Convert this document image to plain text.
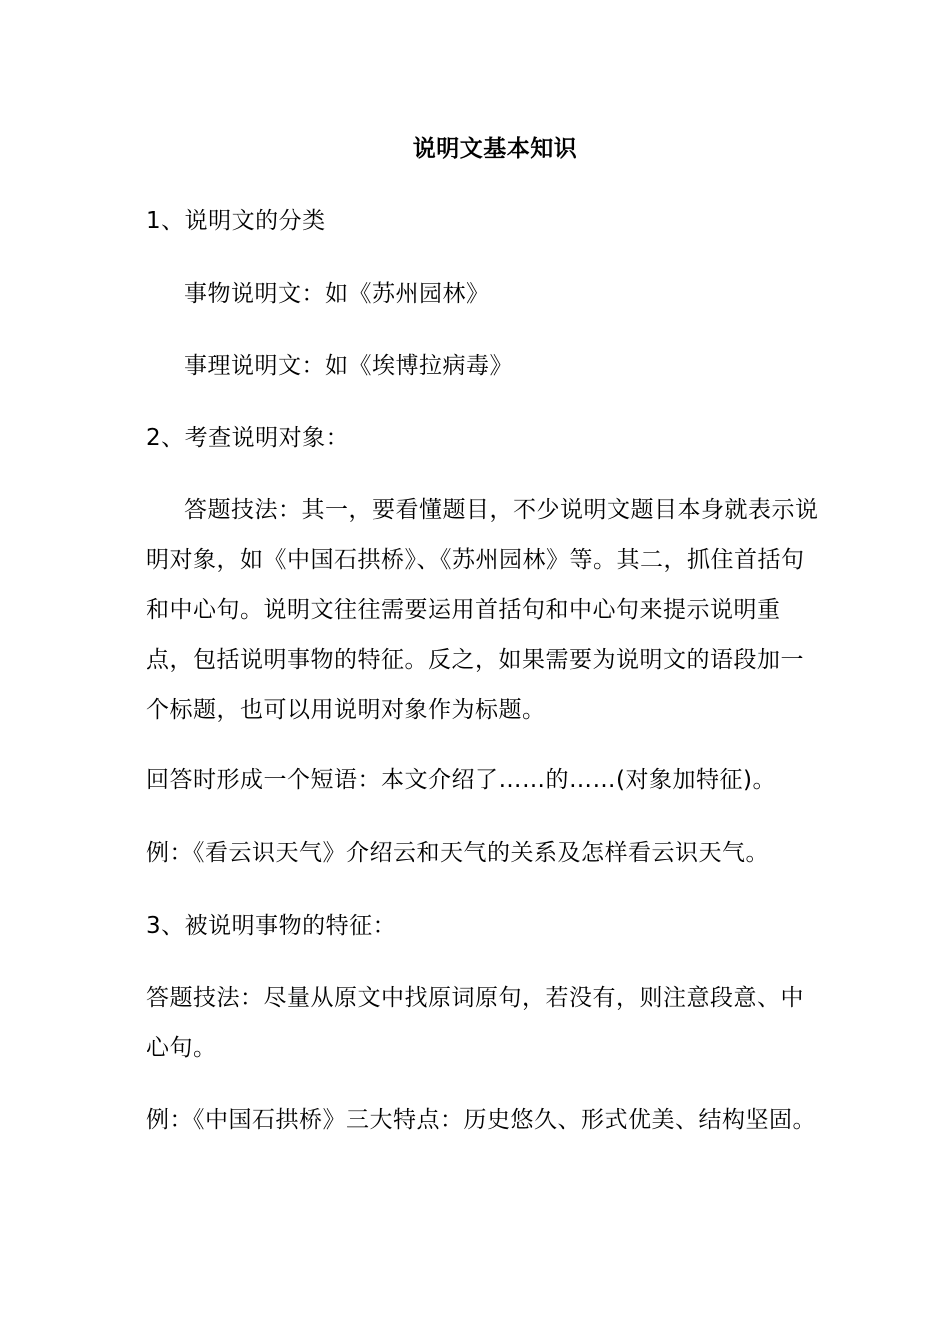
说明文基本知识
1、说明文的分类
事物说明文：如《苏州园林》
事理说明文：如《埃博拉病毒》
2、考查说明对象：
答题技法：其一，要看懂题目，不少说明文题目本身就表示说明对象，如《中国石拱桥》、《苏州园林》等。其二，抓住首括句和中心句。说明文往往需要运用首括句和中心句来提示说明重点，包括说明事物的特征。反之，如果需要为说明文的语段加一个标题，也可以用说明对象作为标题。
回答时形成一个短语：本文介绍了……的……(对象加特征)。
例：《看云识天气》介绍云和天气的关系及怎样看云识天气。
3、被说明事物的特征：
答题技法：尽量从原文中找原词原句，若没有，则注意段意、中心句。
例：《中国石拱桥》三大特点：历史悠久、形式优美、结构坚固。
